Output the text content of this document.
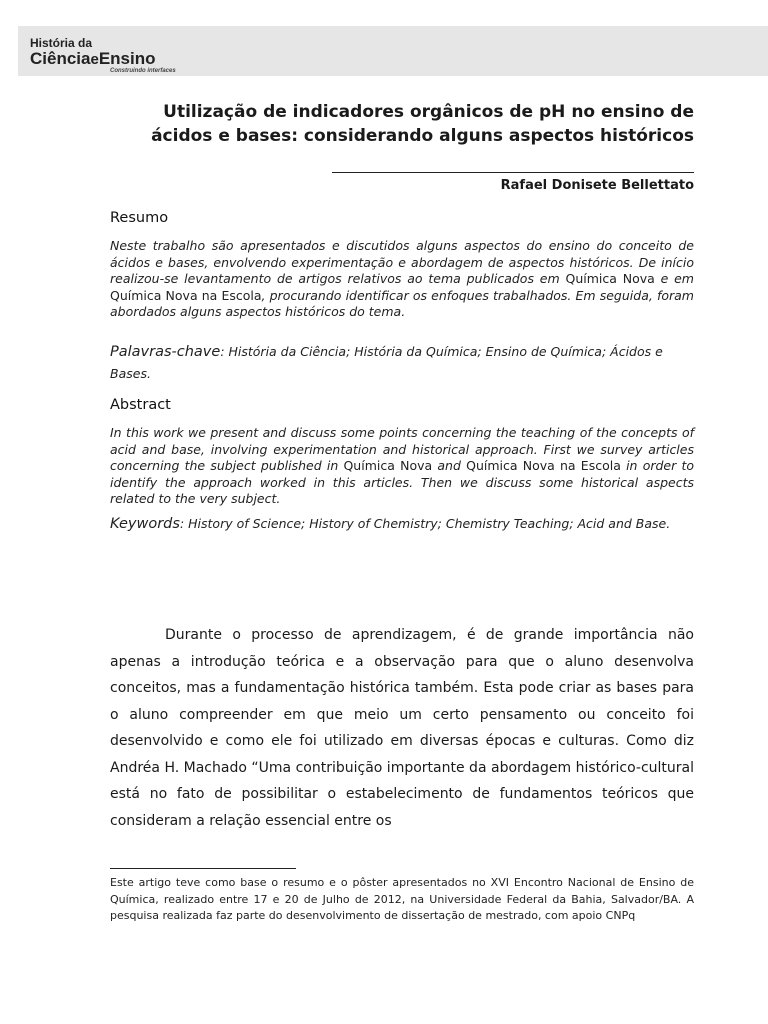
História da
CiênciaeEnsino
Construindo interfaces
Utilização de indicadores orgânicos de pH no ensino de ácidos e bases: considerando alguns aspectos históricos
Rafael Donisete Bellettato
Resumo
Neste trabalho são apresentados e discutidos alguns aspectos do ensino do conceito de ácidos e bases, envolvendo experimentação e abordagem de aspectos históricos. De início realizou-se levantamento de artigos relativos ao tema publicados em Química Nova e em Química Nova na Escola, procurando identificar os enfoques trabalhados. Em seguida, foram abordados alguns aspectos históricos do tema.
Palavras-chave: História da Ciência; História da Química; Ensino de Química; Ácidos e Bases.
Abstract
In this work we present and discuss some points concerning the teaching of the concepts of acid and base, involving experimentation and historical approach. First we survey articles concerning the subject published in Química Nova and Química Nova na Escola in order to identify the approach worked in this articles. Then we discuss some historical aspects related to the very subject.
Keywords: History of Science; History of Chemistry; Chemistry Teaching; Acid and Base.
Durante o processo de aprendizagem, é de grande importância não apenas a introdução teórica e a observação para que o aluno desenvolva conceitos, mas a fundamentação histórica também. Esta pode criar as bases para o aluno compreender em que meio um certo pensamento ou conceito foi desenvolvido e como ele foi utilizado em diversas épocas e culturas. Como diz Andréa H. Machado “Uma contribuição importante da abordagem histórico-cultural está no fato de possibilitar o estabelecimento de fundamentos teóricos que consideram a relação essencial entre os
Este artigo teve como base o resumo e o pôster apresentados no XVI Encontro Nacional de Ensino de Química, realizado entre 17 e 20 de Julho de 2012, na Universidade Federal da Bahia, Salvador/BA. A pesquisa realizada faz parte do desenvolvimento de dissertação de mestrado, com apoio CNPq
